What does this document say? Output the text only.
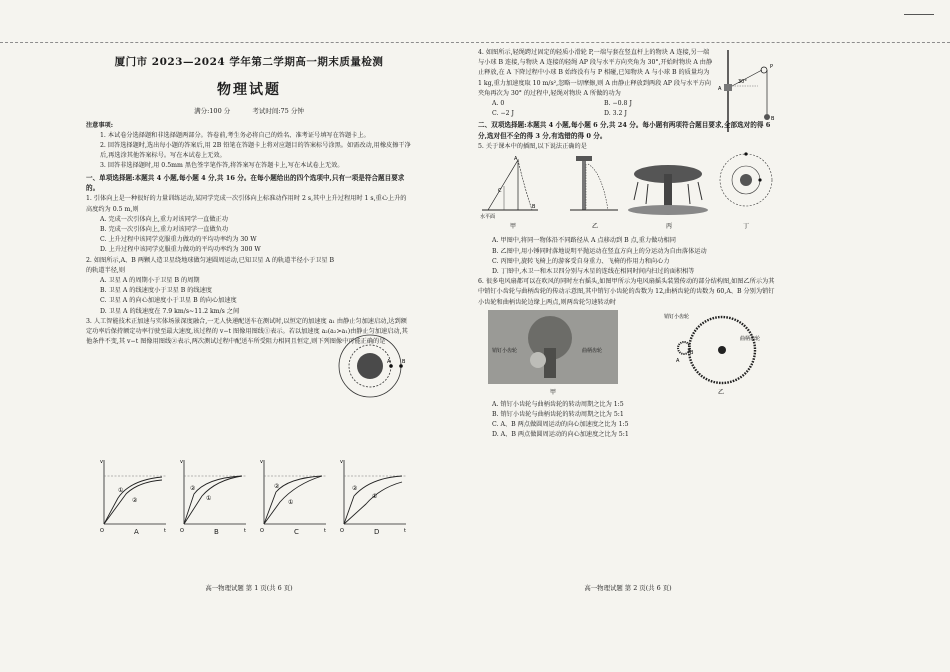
厦门市 2023—2024 学年第二学期高一期末质量检测

物理试题

满分:100 分	考试时间:75 分钟

注意事项:

1. 本试卷分选择题和非选择题两部分。答卷前,考生务必将自己的姓名、准考证号填写在答题卡上。

2. 回答选择题时,选出每小题的答案后,用 2B 铅笔在答题卡上将对应题目的答案标号涂黑。如需改动,用橡皮擦干净后,再选涂其他答案标号。写在本试卷上无效。

3. 回答非选择题时,用 0.5mm 黑色签字笔作答,将答案写在答题卡上,写在本试卷上无效。

一、单项选择题:本题共 4 小题,每小题 4 分,共 16 分。在每小题给出的四个选项中,只有一项是符合题目要求的。

1. 引体向上是一种很好的力量训练运动,某同学完成一次引体向上标准动作用时 2 s,其中上升过程用时 1 s,重心上升的高度约为 0.5 m,则

A. 完成一次引体向上,重力对该同学一直做正功

B. 完成一次引体向上,重力对该同学一直做负功

C. 上升过程中该同学克服重力做功的平均功率约为 30 W

D. 上升过程中该同学克服重力做功的平均功率约为 300 W

2. 如图所示,A、B 两颗人造卫星绕地球做匀速圆周运动,已知卫星 A 的轨道半径小于卫星 B 的轨道半径,则

A. 卫星 A 的周期小于卫星 B 的周期

B. 卫星 A 的线速度小于卫星 B 的线速度

C. 卫星 A 的向心加速度小于卫星 B 的向心加速度

D. 卫星 A 的线速度在 7.9 km/s~11.2 km/s 之间

3. 人工智能技术正加速与实体场景深度融合,一无人快递配送车在测试时,以恒定的加速度 a₁ 由静止匀加速启动,达到额定功率后保持额定功率行驶至最大速度,该过程的 v−t 图像用图线①表示。若以加速度 a₂(a₂>a₁)由静止匀加速启动,其他条件不变,其 v−t 图像用图线②表示,两次测试过程中配送车所受阻力相同且恒定,则下列图像中可能正确的是

A B
v
t
O
①
②
v
t
O
②
①
v
t
O
②
①
v
t
O
②
①
A	B	C	D

高一物理试题 第 1 页(共 6 页)

4. 如图所示,轻绳跨过固定的轻质小滑轮 P,一端与套在竖直杆上的物块 A 连接,另一端与小球 B 连接,与物块 A 连接的轻绳 AP 段与水平方向夹角为 30°,开始时物块 A 由静止释放,在 A 下降过程中小球 B 始终没有与 P 相碰,已知物块 A 与小球 B 的质量均为 1 kg,重力加速度取 10 m/s²,忽略一切摩擦,则 A 由静止释放到两段 AP 段与水平方向夹角再次为 30° 的过程中,轻绳对物块 A 所做的功为

A. 0	B. −0.8 J

C. −2 J	D. 3.2 J

30°
A
P
B

二、双项选择题:本题共 4 小题,每小题 6 分,共 24 分。每小题有两项符合题目要求,全部选对的得 6 分,选对但不全的得 3 分,有选错的得 0 分。

5. 关于课本中的插图,以下说法正确的是

A
B
C
水平面
甲	乙	丙	丁

A. 甲图中,将同一物体沿不同路径从 A 点移动到 B 点,重力做功相同

B. 乙图中,用小锤同时落地说明平抛运动在竖直方向上的分运动为自由落体运动

C. 丙图中,旋转飞椅上的游客受自身重力、飞椅的作用力和向心力

D. 丁图中,木卫一和木卫四分别与木星的连线在相同时间内扫过的面积相等

6. 很多电风扇都可以在吹风的同时左右摇头,如图甲所示为电风扇摇头装置传动的部分结构图,如图乙所示为其中销钉小齿轮与曲柄齿轮的传动示意图,其中销钉小齿轮的齿数为 12,曲柄齿轮的齿数为 60,A、B 分别为销钉小齿轮和曲柄齿轮边缘上两点,则两齿轮匀速转动时

销钉小齿轮	曲柄齿轮
甲
销钉小齿轮
曲柄齿轮
A
B
乙

A. 销钉小齿轮与曲柄齿轮的转动周期之比为 1:5

B. 销钉小齿轮与曲柄齿轮的转动周期之比为 5:1

C. A、B 两点做圆周运动的向心加速度之比为 1:5

D. A、B 两点做圆周运动的向心加速度之比为 5:1

高一物理试题 第 2 页(共 6 页)
